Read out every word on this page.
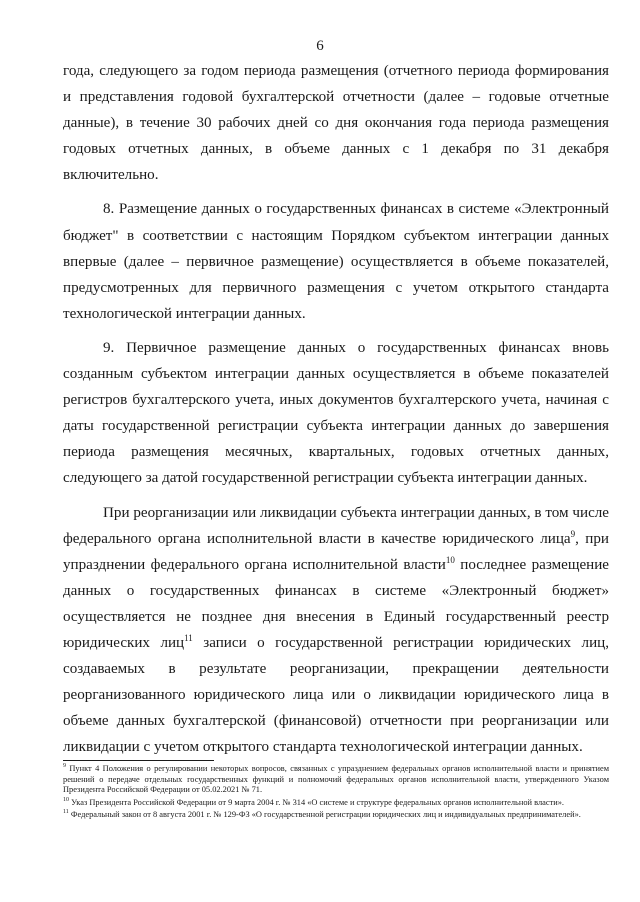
6

года, следующего за годом периода размещения (отчетного периода формирования и представления годовой бухгалтерской отчетности (далее – годовые отчетные данные), в течение 30 рабочих дней со дня окончания года периода размещения годовых отчетных данных, в объеме данных с 1 декабря по 31 декабря включительно.

8. Размещение данных о государственных финансах в системе «Электронный бюджет" в соответствии с настоящим Порядком субъектом интеграции данных впервые (далее – первичное размещение) осуществляется в объеме показателей, предусмотренных для первичного размещения с учетом открытого стандарта технологической интеграции данных.

9. Первичное размещение данных о государственных финансах вновь созданным субъектом интеграции данных осуществляется в объеме показателей регистров бухгалтерского учета, иных документов бухгалтерского учета, начиная с даты государственной регистрации субъекта интеграции данных до завершения периода размещения месячных, квартальных, годовых отчетных данных, следующего за датой государственной регистрации субъекта интеграции данных.

При реорганизации или ликвидации субъекта интеграции данных, в том числе федерального органа исполнительной власти в качестве юридического лица$^9$, при упразднении федерального органа исполнительной власти$^{10}$ последнее размещение данных о государственных финансах в системе «Электронный бюджет» осуществляется не позднее дня внесения в Единый государственный реестр юридических лиц$^{11}$ записи о государственной регистрации юридических лиц, создаваемых в результате реорганизации, прекращении деятельности реорганизованного юридического лица или о ликвидации юридического лица в объеме данных бухгалтерской (финансовой) отчетности при реорганизации или ликвидации с учетом открытого стандарта технологической интеграции данных.

$^9$ Пункт 4 Положения о регулировании некоторых вопросов, связанных с упразднением федеральных органов исполнительной власти и принятием решений о передаче отдельных государственных функций и полномочий федеральных органов исполнительной власти, утвержденного Указом Президента Российской Федерации от 05.02.2021 № 71.

$^{10}$ Указ Президента Российской Федерации от 9 марта 2004 г. № 314 «О системе и структуре федеральных органов исполнительной власти».

$^{11}$ Федеральный закон от 8 августа 2001 г. № 129-ФЗ «О государственной регистрации юридических лиц и индивидуальных предпринимателей».
